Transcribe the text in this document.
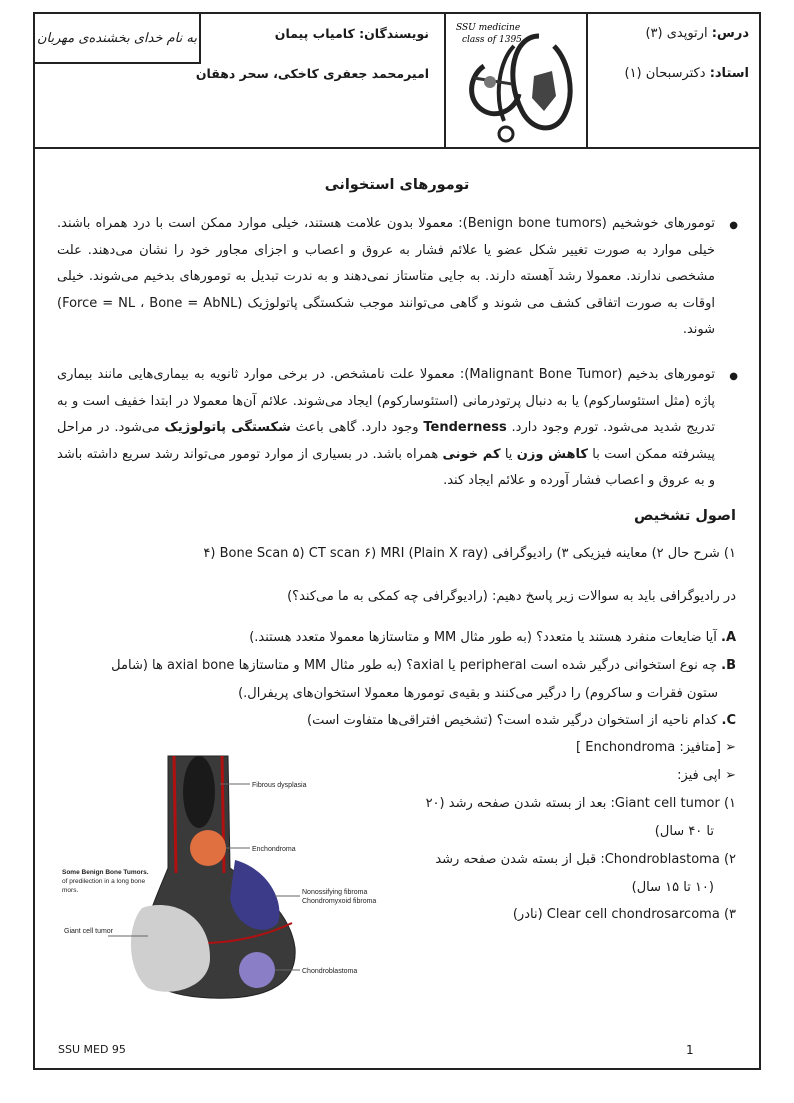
به نام خدای بخشنده‌ی مهربان	درس: ارتوپدی (۳)
استاد: دکترسبحان (۱)
نویسندگان: کامیاب پیمان
امیرمحمد جعفری کاخکی، سحر دهقان
SSU medicine
class of 1395
تومورهای استخوانی
●
تومورهای خوشخیم (Benign bone tumors): معمولا بدون علامت هستند، خیلی موارد ممکن است با درد همراه باشند. خیلی موارد به صورت تغییر شکل عضو یا علائم فشار به عروق و اعصاب و اجزای مجاور خود را نشان می‌دهند. علت مشخصی ندارند. معمولا رشد آهسته دارند. به جایی متاستاز نمی‌دهند و به ندرت تبدیل به تومورهای بدخیم می‌شوند. خیلی اوقات به صورت اتفاقی کشف می شوند و گاهی می‌توانند موجب شکستگی پاتولوژیک (Force = NL ، Bone = AbNL) شوند.
●
تومورهای بدخیم (Malignant Bone Tumor): معمولا علت نامشخص. در برخی موارد ثانویه به بیماری‌هایی مانند بیماری پاژه (مثل استئوسارکوم) یا به دنبال پرتودرمانی (استئوسارکوم) ایجاد می‌شوند. علائم آن‌ها معمولا در ابتدا خفیف است و به تدریج شدید می‌شود. تورم وجود دارد. Tenderness وجود دارد. گاهی باعث شکستگی پاتولوژیک می‌شود. در مراحل پیشرفته ممکن است با کاهش وزن یا کم خونی همراه باشد. در بسیاری از موارد تومور می‌تواند رشد سریع داشته باشد و به عروق و اعصاب فشار آورده و علائم ایجاد کند.
اصول تشخیص
۱) شرح حال ۲) معاینه فیزیکی ۳) رادیوگرافی (Plain X ray) ۴) Bone Scan ۵) CT scan ۶) MRI
در رادیوگرافی باید به سوالات زیر پاسخ دهیم: (رادیوگرافی چه کمکی به ما می‌کند؟)
A. آیا ضایعات منفرد هستند یا متعدد؟ (به طور مثال MM و متاستازها معمولا متعدد هستند.)
B. چه نوع استخوانی درگیر شده است peripheral یا axial؟ (به طور مثال MM و متاستازها axial bone ها (شامل
ستون فقرات و ساکروم) را درگیر می‌کنند و بقیه‌ی تومورها معمولا استخوان‌های پریفرال.)
C. کدام ناحیه از استخوان درگیر شده است؟ (تشخیص افتراقی‌ها متفاوت است)
➢ [متافیز: Enchondroma ]
➢ اپی فیز:
۱) Giant cell tumor: بعد از بسته شدن صفحه رشد (۲۰
تا ۴۰ سال)
۲) Chondroblastoma: قبل از بسته شدن صفحه رشد
(۱۰ تا ۱۵ سال)
۳) Clear cell chondrosarcoma (نادر)
Fibrous dysplasia
Enchondroma
Nonossifying fibroma
Chondromyxoid fibroma
Chondroblastoma
Giant cell tumor
Some Benign Bone Tumors.
of predilection in a long bone
mors.
SSU MED 95	1
